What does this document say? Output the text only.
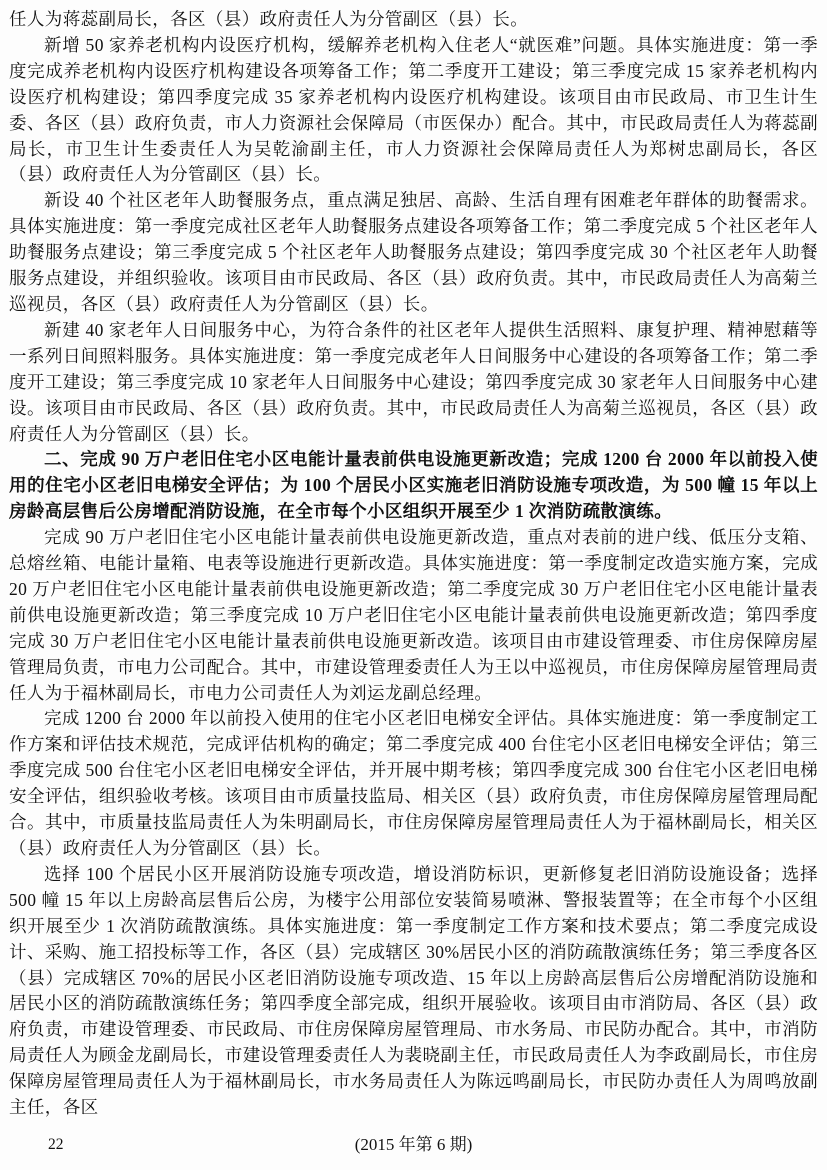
任人为蒋蕊副局长，各区（县）政府责任人为分管副区（县）长。

新增 50 家养老机构内设医疗机构，缓解养老机构入住老人“就医难”问题。具体实施进度：第一季度完成养老机构内设医疗机构建设各项筹备工作；第二季度开工建设；第三季度完成 15 家养老机构内设医疗机构建设；第四季度完成 35 家养老机构内设医疗机构建设。该项目由市民政局、市卫生计生委、各区（县）政府负责，市人力资源社会保障局（市医保办）配合。其中，市民政局责任人为蒋蕊副局长，市卫生计生委责任人为吴乾渝副主任，市人力资源社会保障局责任人为郑树忠副局长，各区（县）政府责任人为分管副区（县）长。

新设 40 个社区老年人助餐服务点，重点满足独居、高龄、生活自理有困难老年群体的助餐需求。具体实施进度：第一季度完成社区老年人助餐服务点建设各项筹备工作；第二季度完成 5 个社区老年人助餐服务点建设；第三季度完成 5 个社区老年人助餐服务点建设；第四季度完成 30 个社区老年人助餐服务点建设，并组织验收。该项目由市民政局、各区（县）政府负责。其中，市民政局责任人为高菊兰巡视员，各区（县）政府责任人为分管副区（县）长。

新建 40 家老年人日间服务中心，为符合条件的社区老年人提供生活照料、康复护理、精神慰藉等一系列日间照料服务。具体实施进度：第一季度完成老年人日间服务中心建设的各项筹备工作；第二季度开工建设；第三季度完成 10 家老年人日间服务中心建设；第四季度完成 30 家老年人日间服务中心建设。该项目由市民政局、各区（县）政府负责。其中，市民政局责任人为高菊兰巡视员，各区（县）政府责任人为分管副区（县）长。

二、完成 90 万户老旧住宅小区电能计量表前供电设施更新改造；完成 1200 台 2000 年以前投入使用的住宅小区老旧电梯安全评估；为 100 个居民小区实施老旧消防设施专项改造，为 500 幢 15 年以上房龄高层售后公房增配消防设施，在全市每个小区组织开展至少 1 次消防疏散演练。

完成 90 万户老旧住宅小区电能计量表前供电设施更新改造，重点对表前的进户线、低压分支箱、总熔丝箱、电能计量箱、电表等设施进行更新改造。具体实施进度：第一季度制定改造实施方案，完成 20 万户老旧住宅小区电能计量表前供电设施更新改造；第二季度完成 30 万户老旧住宅小区电能计量表前供电设施更新改造；第三季度完成 10 万户老旧住宅小区电能计量表前供电设施更新改造；第四季度完成 30 万户老旧住宅小区电能计量表前供电设施更新改造。该项目由市建设管理委、市住房保障房屋管理局负责，市电力公司配合。其中，市建设管理委责任人为王以中巡视员，市住房保障房屋管理局责任人为于福林副局长，市电力公司责任人为刘运龙副总经理。

完成 1200 台 2000 年以前投入使用的住宅小区老旧电梯安全评估。具体实施进度：第一季度制定工作方案和评估技术规范，完成评估机构的确定；第二季度完成 400 台住宅小区老旧电梯安全评估；第三季度完成 500 台住宅小区老旧电梯安全评估，并开展中期考核；第四季度完成 300 台住宅小区老旧电梯安全评估，组织验收考核。该项目由市质量技监局、相关区（县）政府负责，市住房保障房屋管理局配合。其中，市质量技监局责任人为朱明副局长，市住房保障房屋管理局责任人为于福林副局长，相关区（县）政府责任人为分管副区（县）长。

选择 100 个居民小区开展消防设施专项改造，增设消防标识，更新修复老旧消防设施设备；选择 500 幢 15 年以上房龄高层售后公房，为楼宇公用部位安装简易喷淋、警报装置等；在全市每个小区组织开展至少 1 次消防疏散演练。具体实施进度：第一季度制定工作方案和技术要点；第二季度完成设计、采购、施工招投标等工作，各区（县）完成辖区 30%居民小区的消防疏散演练任务；第三季度各区（县）完成辖区 70%的居民小区老旧消防设施专项改造、15 年以上房龄高层售后公房增配消防设施和居民小区的消防疏散演练任务；第四季度全部完成，组织开展验收。该项目由市消防局、各区（县）政府负责，市建设管理委、市民政局、市住房保障房屋管理局、市水务局、市民防办配合。其中，市消防局责任人为顾金龙副局长，市建设管理委责任人为裴晓副主任，市民政局责任人为李政副局长，市住房保障房屋管理局责任人为于福林副局长，市水务局责任人为陈远鸣副局长，市民防办责任人为周鸣放副主任，各区

22	(2015 年第 6 期)
